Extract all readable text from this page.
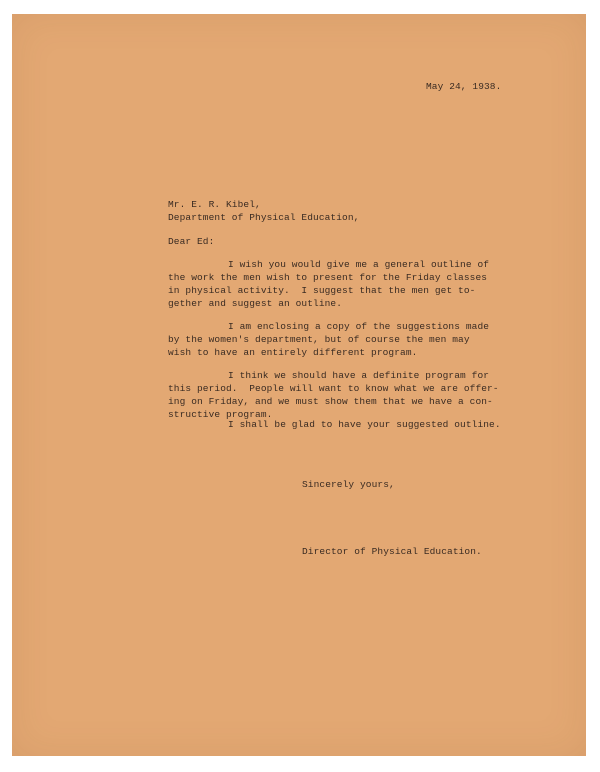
May 24, 1938.
Mr. E. R. Kibel,
Department of Physical Education,
Dear Ed:
I wish you would give me a general outline of
the work the men wish to present for the Friday classes
in physical activity.  I suggest that the men get to-
gether and suggest an outline.
I am enclosing a copy of the suggestions made
by the women's department, but of course the men may
wish to have an entirely different program.
I think we should have a definite program for
this period.  People will want to know what we are offer-
ing on Friday, and we must show them that we have a con-
structive program.
I shall be glad to have your suggested outline.
Sincerely yours,
Director of Physical Education.
